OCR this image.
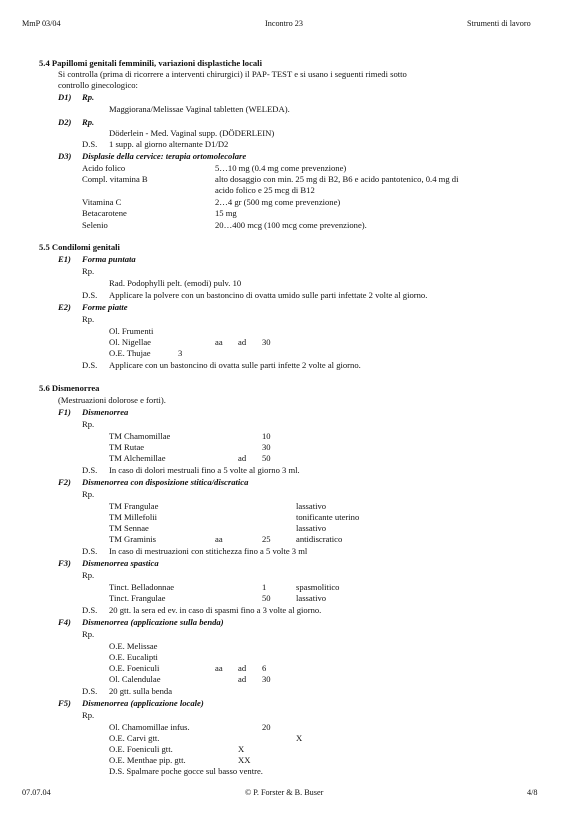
MmP 03/04	Incontro 23	Strumenti di lavoro
5.4 Papillomi genitali femminili, variazioni displastiche locali
Si controlla (prima di ricorrere a interventi chirurgici) il PAP- TEST e si usano i seguenti rimedi sotto
controllo ginecologico:
D1) Rp.
Maggiorana/Melissae Vaginal tabletten (WELEDA).
D2) Rp.
Döderlein - Med. Vaginal supp. (DÖDERLEIN)
D.S. 1 supp. al giorno alternante D1/D2
D3) Displasie della cervice: terapia ortomolecolare
Acido folico	5…10 mg (0.4 mg come prevenzione)
Compl. vitamina B	alto dosaggio con min. 25 mg di B2, B6 e acido pantotenico, 0.4 mg di
acido folico e 25 mcg di B12
Vitamina C	2…4 gr (500 mg come prevenzione)
Betacarotene	15 mg
Selenio	20…400 mcg (100 mcg come prevenzione).
5.5 Condilomi genitali
E1) Forma puntata
Rp.
Rad. Podophylli pelt. (emodi) pulv. 10
D.S. Applicare la polvere con un bastoncino di ovatta umido sulle parti infettate 2 volte al giorno.
E2) Forme piatte
Rp.
Ol. Frumenti
Ol. Nigellae	aa ad 30
O.E. Thujae	3
D.S. Applicare con un bastoncino di ovatta sulle parti infette 2 volte al giorno.
5.6 Dismenorrea
(Mestruazioni dolorose e forti).
F1) Dismenorrea
Rp.
TM Chamomillae	10
TM Rutae	30
TM Alchemillae	ad 50
D.S. In caso di dolori mestruali fino a 5 volte al giorno 3 ml.
F2) Dismenorrea con disposizione stitica/discratica
Rp.
TM Frangulae	lassativo
TM Millefolii	tonificante uterino
TM Sennae	lassativo
TM Graminis	aa	25	antidiscratico
D.S. In caso di mestruazioni con stitichezza fino a 5 volte 3 ml
F3) Dismenorrea spastica
Rp.
Tinct. Belladonnae	1	spasmolitico
Tinct. Frangulae	50	lassativo
D.S. 20 gtt. la sera ed ev. in caso di spasmi fino a 3 volte al giorno.
F4) Dismenorrea (applicazione sulla benda)
Rp.
O.E. Melissae
O.E. Eucalipti
O.E. Foeniculi	aa ad 6
Ol. Calendulae	ad 30
D.S. 20 gtt. sulla benda
F5) Dismenorrea (applicazione locale)
Rp.
Ol. Chamomillae infus.	20
O.E. Carvi gtt.	X
O.E. Foeniculi gtt.	X
O.E. Menthae pip. gtt.	XX
D.S. Spalmare poche gocce sul basso ventre.
07.07.04	© P. Forster & B. Buser	4/8
